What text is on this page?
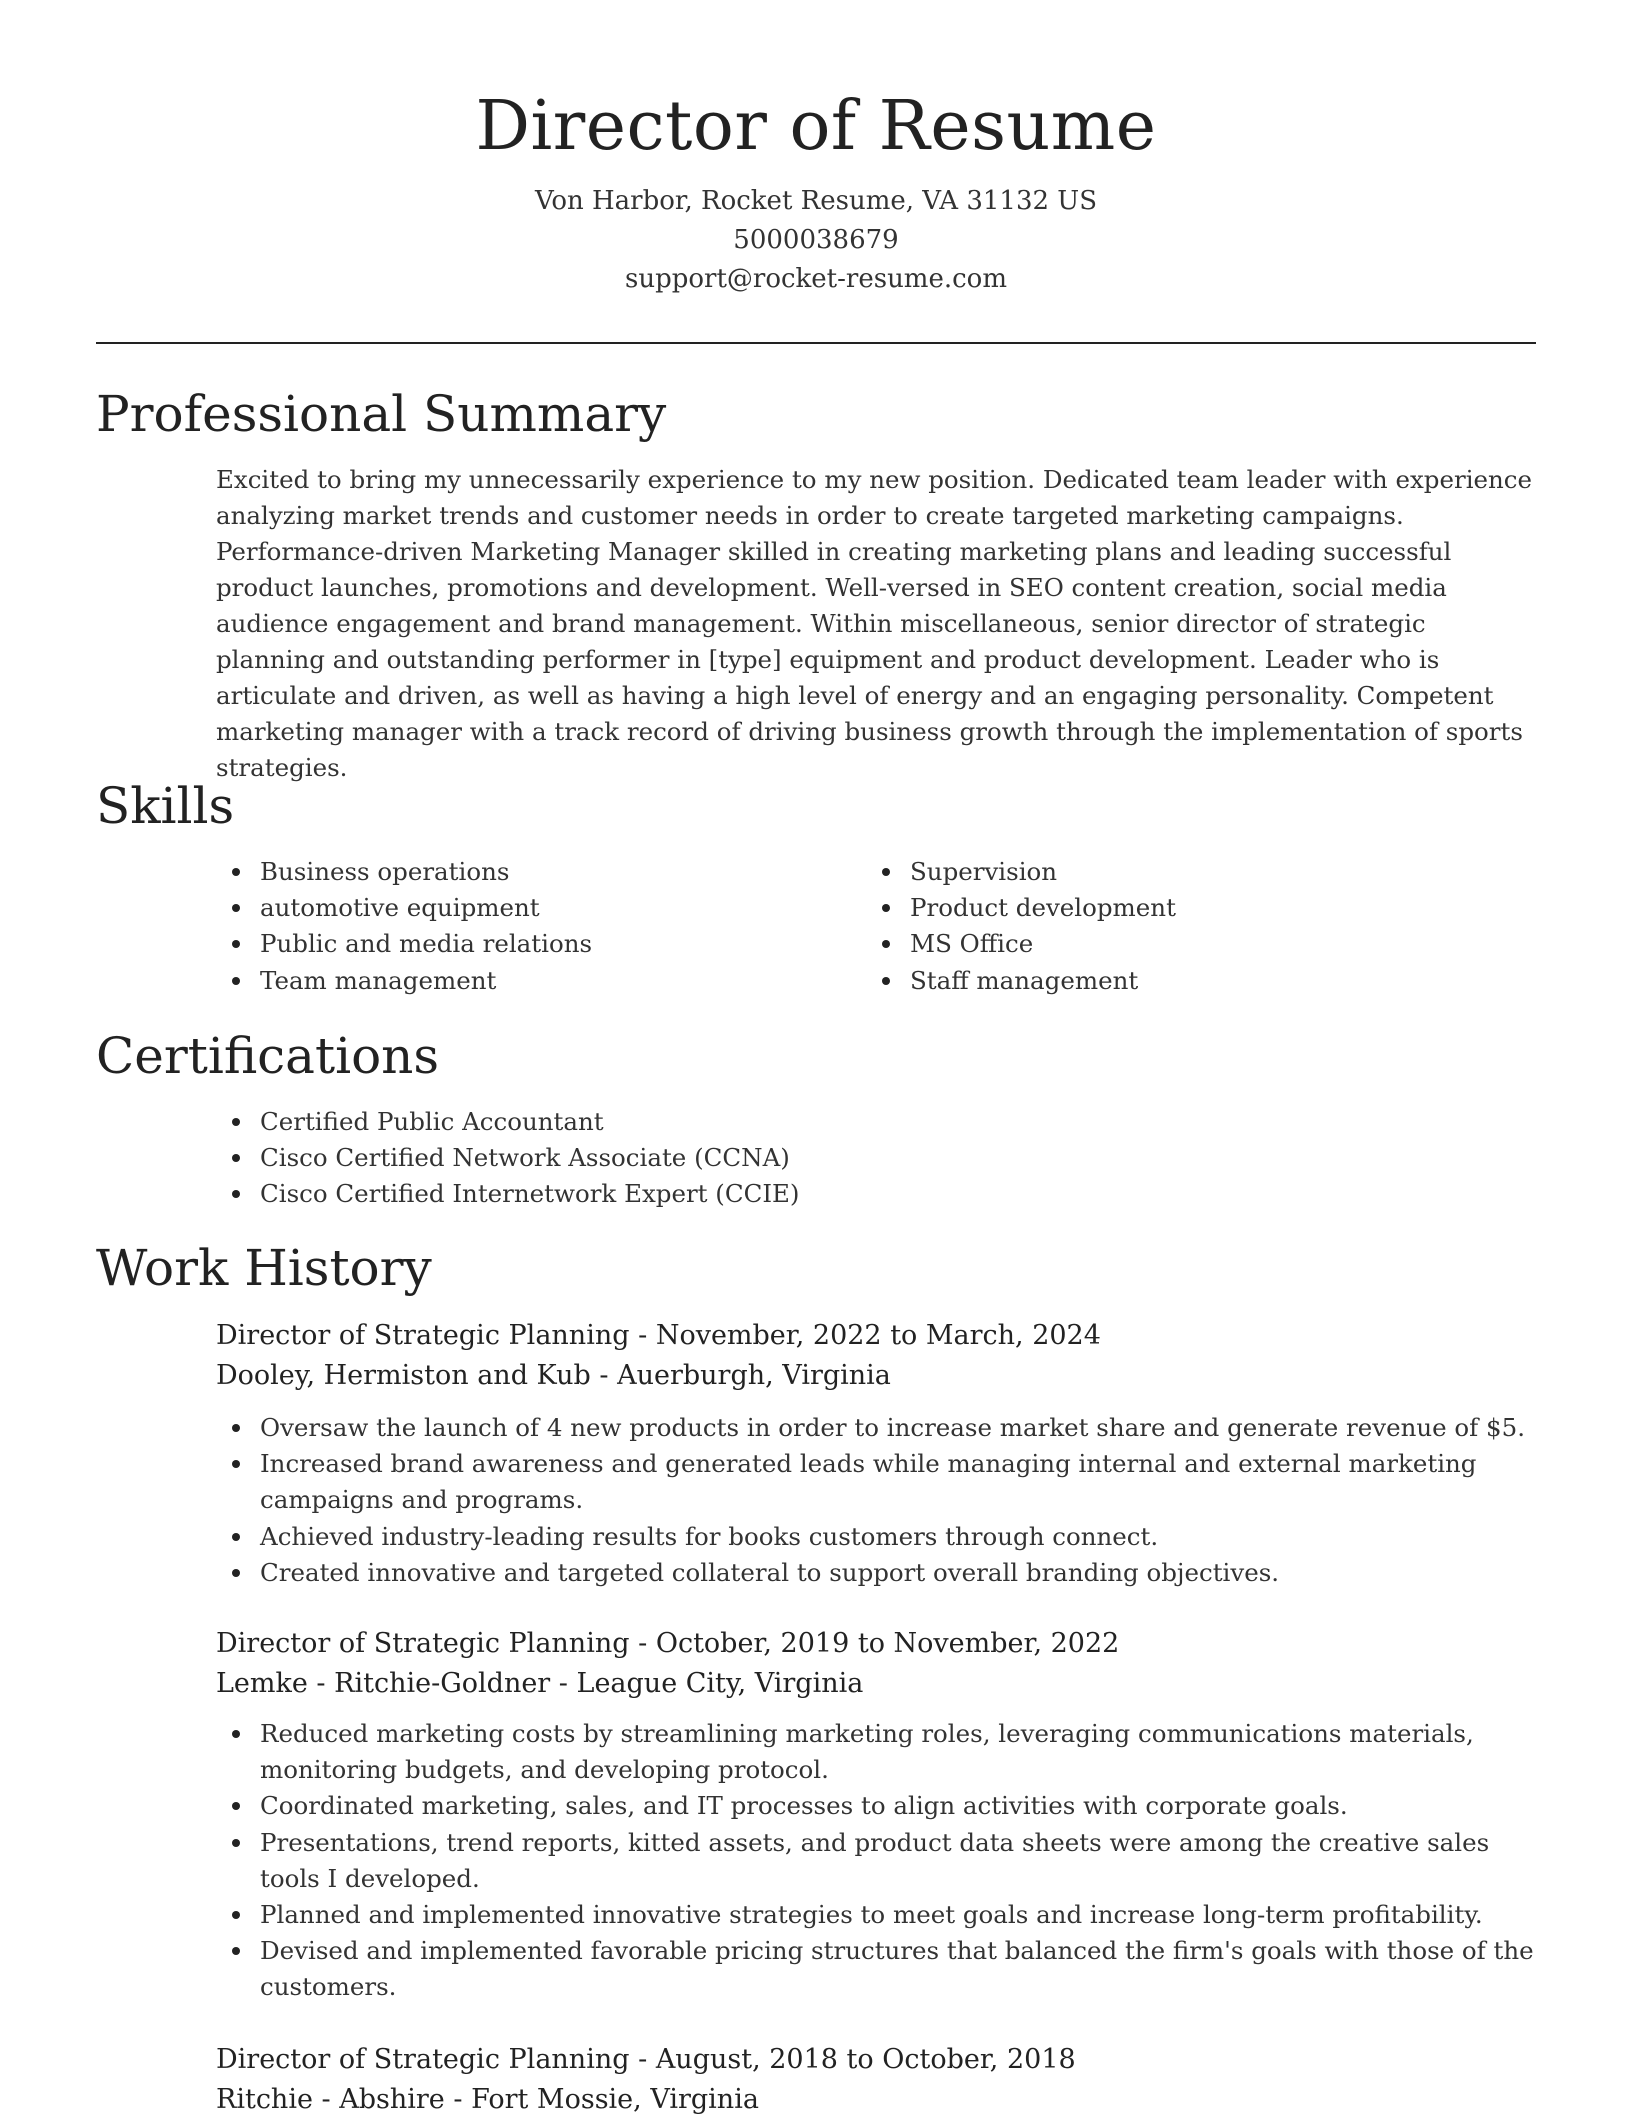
Director of Resume
Von Harbor, Rocket Resume, VA 31132 US
5000038679
support@rocket-resume.com
Professional Summary
Excited to bring my unnecessarily experience to my new position. Dedicated team leader with experience analyzing market trends and customer needs in order to create targeted marketing campaigns. Performance-driven Marketing Manager skilled in creating marketing plans and leading successful product launches, promotions and development. Well-versed in SEO content creation, social media audience engagement and brand management. Within miscellaneous, senior director of strategic planning and outstanding performer in [type] equipment and product development. Leader who is articulate and driven, as well as having a high level of energy and an engaging personality. Competent marketing manager with a track record of driving business growth through the implementation of sports strategies.
Skills
Business operations
automotive equipment
Public and media relations
Team management
Supervision
Product development
MS Office
Staff management
Certifications
Certified Public Accountant
Cisco Certified Network Associate (CCNA)
Cisco Certified Internetwork Expert (CCIE)
Work History
Director of Strategic Planning - November, 2022 to March, 2024
Dooley, Hermiston and Kub - Auerburgh, Virginia
Oversaw the launch of 4 new products in order to increase market share and generate revenue of $5.
Increased brand awareness and generated leads while managing internal and external marketing campaigns and programs.
Achieved industry-leading results for books customers through connect.
Created innovative and targeted collateral to support overall branding objectives.
Director of Strategic Planning - October, 2019 to November, 2022
Lemke - Ritchie-Goldner - League City, Virginia
Reduced marketing costs by streamlining marketing roles, leveraging communications materials, monitoring budgets, and developing protocol.
Coordinated marketing, sales, and IT processes to align activities with corporate goals.
Presentations, trend reports, kitted assets, and product data sheets were among the creative sales tools I developed.
Planned and implemented innovative strategies to meet goals and increase long-term profitability.
Devised and implemented favorable pricing structures that balanced the firm's goals with those of the customers.
Director of Strategic Planning - August, 2018 to October, 2018
Ritchie - Abshire - Fort Mossie, Virginia
